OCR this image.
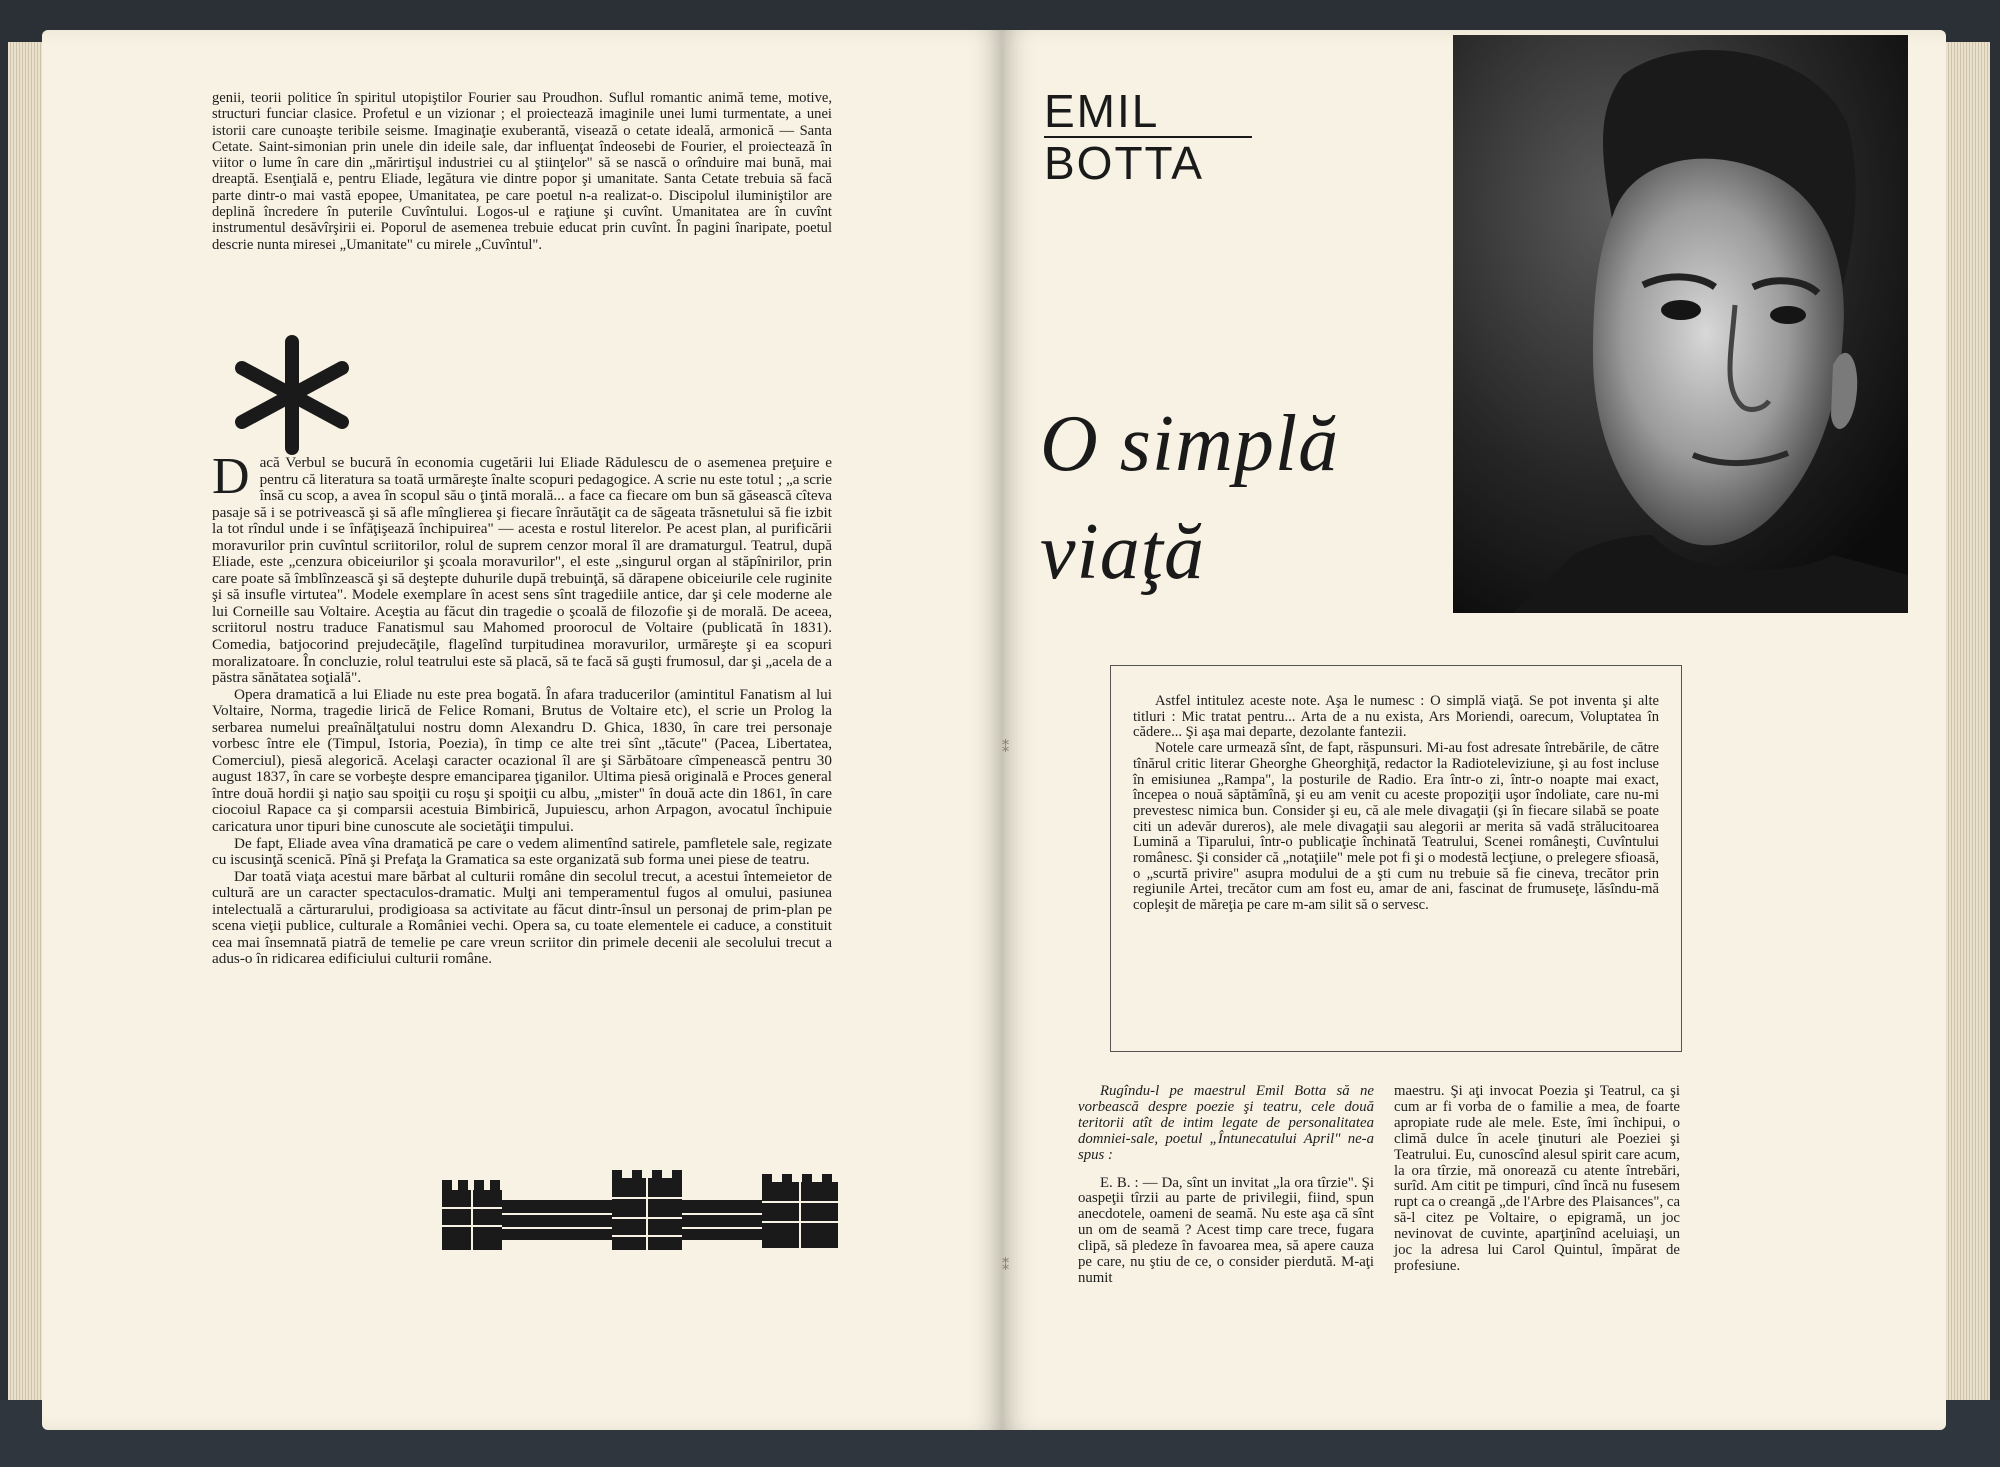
genii, teorii politice în spiritul utopiştilor Fourier sau Proudhon. Suflul romantic animă teme, motive, structuri funciar clasice. Profetul e un vizionar ; el proiectează imaginile unei lumi turmentate, a unei istorii care cunoaşte teribile seisme. Imaginaţie exuberantă, visează o cetate ideală, armonică — Santa Cetate. Saint-simonian prin unele din ideile sale, dar influenţat îndeosebi de Fourier, el proiectează în viitor o lume în care din „mărirtişul industriei cu al ştiinţelor" să se nască o orînduire mai bună, mai dreaptă. Esenţială e, pentru Eliade, legătura vie dintre popor şi umanitate. Santa Cetate trebuia să facă parte dintr-o mai vastă epopee, Umanitatea, pe care poetul n-a realizat-o. Discipolul iluminiştilor are deplină încredere în puterile Cuvîntului. Logos-ul e raţiune şi cuvînt. Umanitatea are în cuvînt instrumentul desăvîrşirii ei. Poporul de asemenea trebuie educat prin cuvînt. În pagini înaripate, poetul descrie nunta miresei „Umanitate" cu mirele „Cuvîntul".

Dacă Verbul se bucură în economia cugetării lui Eliade Rădulescu de o asemenea preţuire e pentru că literatura sa toată urmăreşte înalte scopuri pedagogice. A scrie nu este totul ; „a scrie însă cu scop, a avea în scopul său o ţintă morală... a face ca fiecare om bun să găsească cîteva pasaje să i se potrivească şi să afle mînglierea şi fiecare înrăutăţit ca de săgeata trăsnetului să fie izbit la tot rîndul unde i se înfăţişează închipuirea" — acesta e rostul literelor. Pe acest plan, al purificării moravurilor prin cuvîntul scriitorilor, rolul de suprem cenzor moral îl are dramaturgul. Teatrul, după Eliade, este „cenzura obiceiurilor şi şcoala moravurilor", el este „singurul organ al stăpînirilor, prin care poate să îmblînzească şi să deştepte duhurile după trebuinţă, să dărapene obiceiurile cele ruginite şi să insufle virtutea". Modele exemplare în acest sens sînt tragediile antice, dar şi cele moderne ale lui Corneille sau Voltaire. Aceştia au făcut din tragedie o şcoală de filozofie şi de morală. De aceea, scriitorul nostru traduce Fanatismul sau Mahomed proorocul de Voltaire (publicată în 1831). Comedia, batjocorind prejudecăţile, flagelînd turpitudinea moravurilor, urmăreşte şi ea scopuri moralizatoare. În concluzie, rolul teatrului este să placă, să te facă să guşti frumosul, dar şi „acela de a păstra sănătatea soţială".

Opera dramatică a lui Eliade nu este prea bogată. În afara traducerilor (amintitul Fanatism al lui Voltaire, Norma, tragedie lirică de Felice Romani, Brutus de Voltaire etc), el scrie un Prolog la serbarea numelui preaînălţatului nostru domn Alexandru D. Ghica, 1830, în care trei personaje vorbesc între ele (Timpul, Istoria, Poezia), în timp ce alte trei sînt „tăcute" (Pacea, Libertatea, Comerciul), piesă alegorică. Acelaşi caracter ocazional îl are şi Sărbătoare cîmpenească pentru 30 august 1837, în care se vorbeşte despre emanciparea ţiganilor. Ultima piesă originală e Proces general între două hordii şi naţio sau spoiţii cu roşu şi spoiţii cu albu, „mister" în două acte din 1861, în care ciocoiul Rapace ca şi comparsii acestuia Bimbirică, Jupuiescu, arhon Arpagon, avocatul închipuie caricatura unor tipuri bine cunoscute ale societăţii timpului.

De fapt, Eliade avea vîna dramatică pe care o vedem alimentînd satirele, pamfletele sale, regizate cu iscusinţă scenică. Pînă şi Prefaţa la Gramatica sa este organizată sub forma unei piese de teatru.

Dar toată viaţa acestui mare bărbat al culturii române din secolul trecut, a acestui întemeietor de cultură are un caracter spectaculos-dramatic. Mulţi ani temperamentul fugos al omului, pasiunea intelectuală a cărturarului, prodigioasa sa activitate au făcut dintr-însul un personaj de prim-plan pe scena vieţii publice, culturale a României vechi. Opera sa, cu toate elementele ei caduce, a constituit cea mai însemnată piatră de temelie pe care vreun scriitor din primele decenii ale secolului trecut a adus-o în ridicarea edificiului culturii române.

⁑
⁑
EMIL
BOTTA
O simplă
viaţă

Astfel intitulez aceste note. Aşa le numesc : O simplă viaţă. Se pot inventa şi alte titluri : Mic tratat pentru... Arta de a nu exista, Ars Moriendi, oarecum, Voluptatea în cădere... Şi aşa mai departe, dezolante fantezii.

Notele care urmează sînt, de fapt, răspunsuri. Mi-au fost adresate întrebările, de către tînărul critic literar Gheorghe Gheorghiţă, redactor la Radioteleviziune, şi au fost incluse în emisiunea „Rampa", la posturile de Radio. Era într-o zi, într-o noapte mai exact, începea o nouă săptămînă, şi eu am venit cu aceste propoziţii uşor îndoliate, care nu-mi prevestesc nimica bun. Consider şi eu, că ale mele divagaţii (şi în fiecare silabă se poate citi un adevăr dureros), ale mele divagaţii sau alegorii ar merita să vadă strălucitoarea Lumină a Tiparului, într-o publicaţie închinată Teatrului, Scenei româneşti, Cuvîntului românesc. Şi consider că „notaţiile" mele pot fi şi o modestă lecţiune, o prelegere sfioasă, o „scurtă privire" asupra modului de a şti cum nu trebuie să fie cineva, trecător prin regiunile Artei, trecător cum am fost eu, amar de ani, fascinat de frumuseţe, lăsîndu-mă copleşit de măreţia pe care m-am silit să o servesc.

Rugîndu-l pe maestrul Emil Botta să ne vorbească despre poezie şi teatru, cele două teritorii atît de intim legate de personalitatea domniei-sale, poetul „Întunecatului April" ne-a spus :

E. B. : — Da, sînt un invitat „la ora tîrzie". Şi oaspeţii tîrzii au parte de privilegii, fiind, spun anecdotele, oameni de seamă. Nu este aşa că sînt un om de seamă ? Acest timp care trece, fugara clipă, să pledeze în favoarea mea, să apere cauza pe care, nu ştiu de ce, o consider pierdută. M-aţi numit

maestru. Şi aţi invocat Poezia şi Teatrul, ca şi cum ar fi vorba de o familie a mea, de foarte apropiate rude ale mele. Este, îmi închipui, o climă dulce în acele ţinuturi ale Poeziei şi Teatrului. Eu, cunoscînd alesul spirit care acum, la ora tîrzie, mă onorează cu atente întrebări, surîd. Am citit pe timpuri, cînd încă nu fusesem rupt ca o creangă „de l'Arbre des Plaisances", ca să-l citez pe Voltaire, o epigramă, un joc nevinovat de cuvinte, aparţinînd aceluiaşi, un joc la adresa lui Carol Quintul, împărat de profesiune.
